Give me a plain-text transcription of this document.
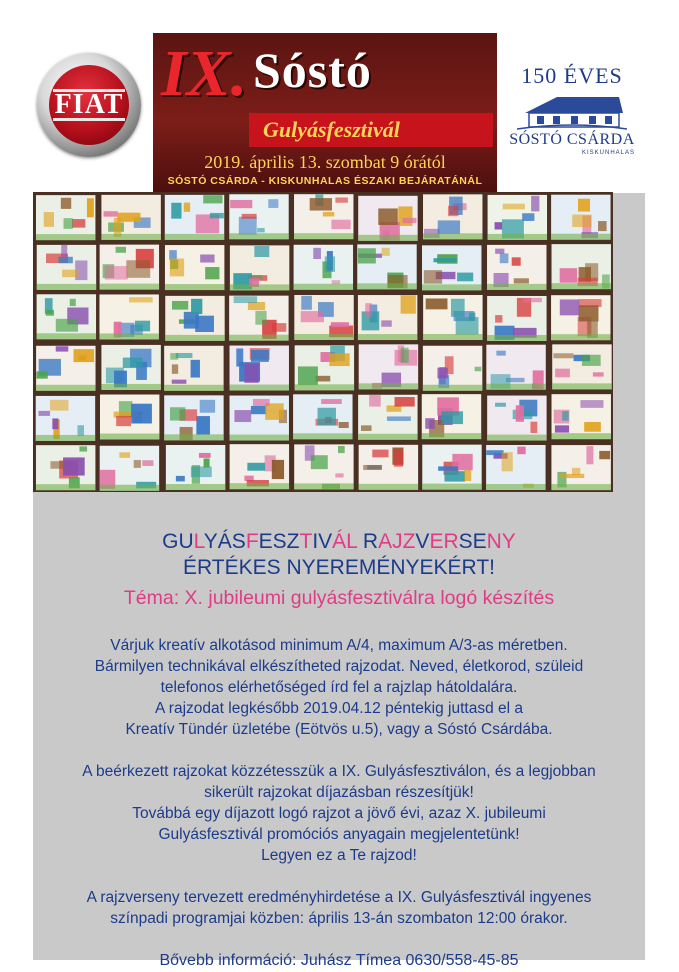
FIAT IX. Sóstó
Gulyásfesztivál
2019. április 13. szombat 9 órától
SÓSTÓ CSÁRDA - KISKUNHALAS ÉSZAKI BEJÁRATÁNÁL
150 ÉVES
SÓSTÓ CSÁRDA
KISKUNHALAS

GULYÁSFESZTIVÁL RAJZVERSENY

ÉRTÉKES NYEREMÉNYEKÉRT!

Téma: X. jubileumi gulyásfesztiválra logó készítés

Várjuk kreatív alkotásod minimum A/4, maximum A/3-as méretben.

Bármilyen technikával elkészítheted rajzodat. Neved, életkorod, szüleid

telefonos elérhetőséged írd fel a rajzlap hátoldalára.

A rajzodat legkésőbb 2019.04.12 péntekig juttasd el a

Kreatív Tündér üzletébe (Eötvös u.5), vagy a Sóstó Csárdába.

A beérkezett rajzokat közzétesszük a IX. Gulyásfesztiválon, és a legjobban

sikerült rajzokat díjazásban részesítjük!

Továbbá egy díjazott logó rajzot a jövő évi, azaz X. jubileumi

Gulyásfesztivál promóciós anyagain megjelentetünk!

Legyen ez a Te rajzod!

A rajzverseny tervezett eredményhirdetése a IX. Gulyásfesztivál ingyenes

színpadi programjai közben: április 13-án szombaton 12:00 órakor.

Bővebb információ: Juhász Tímea 0630/558-45-85
